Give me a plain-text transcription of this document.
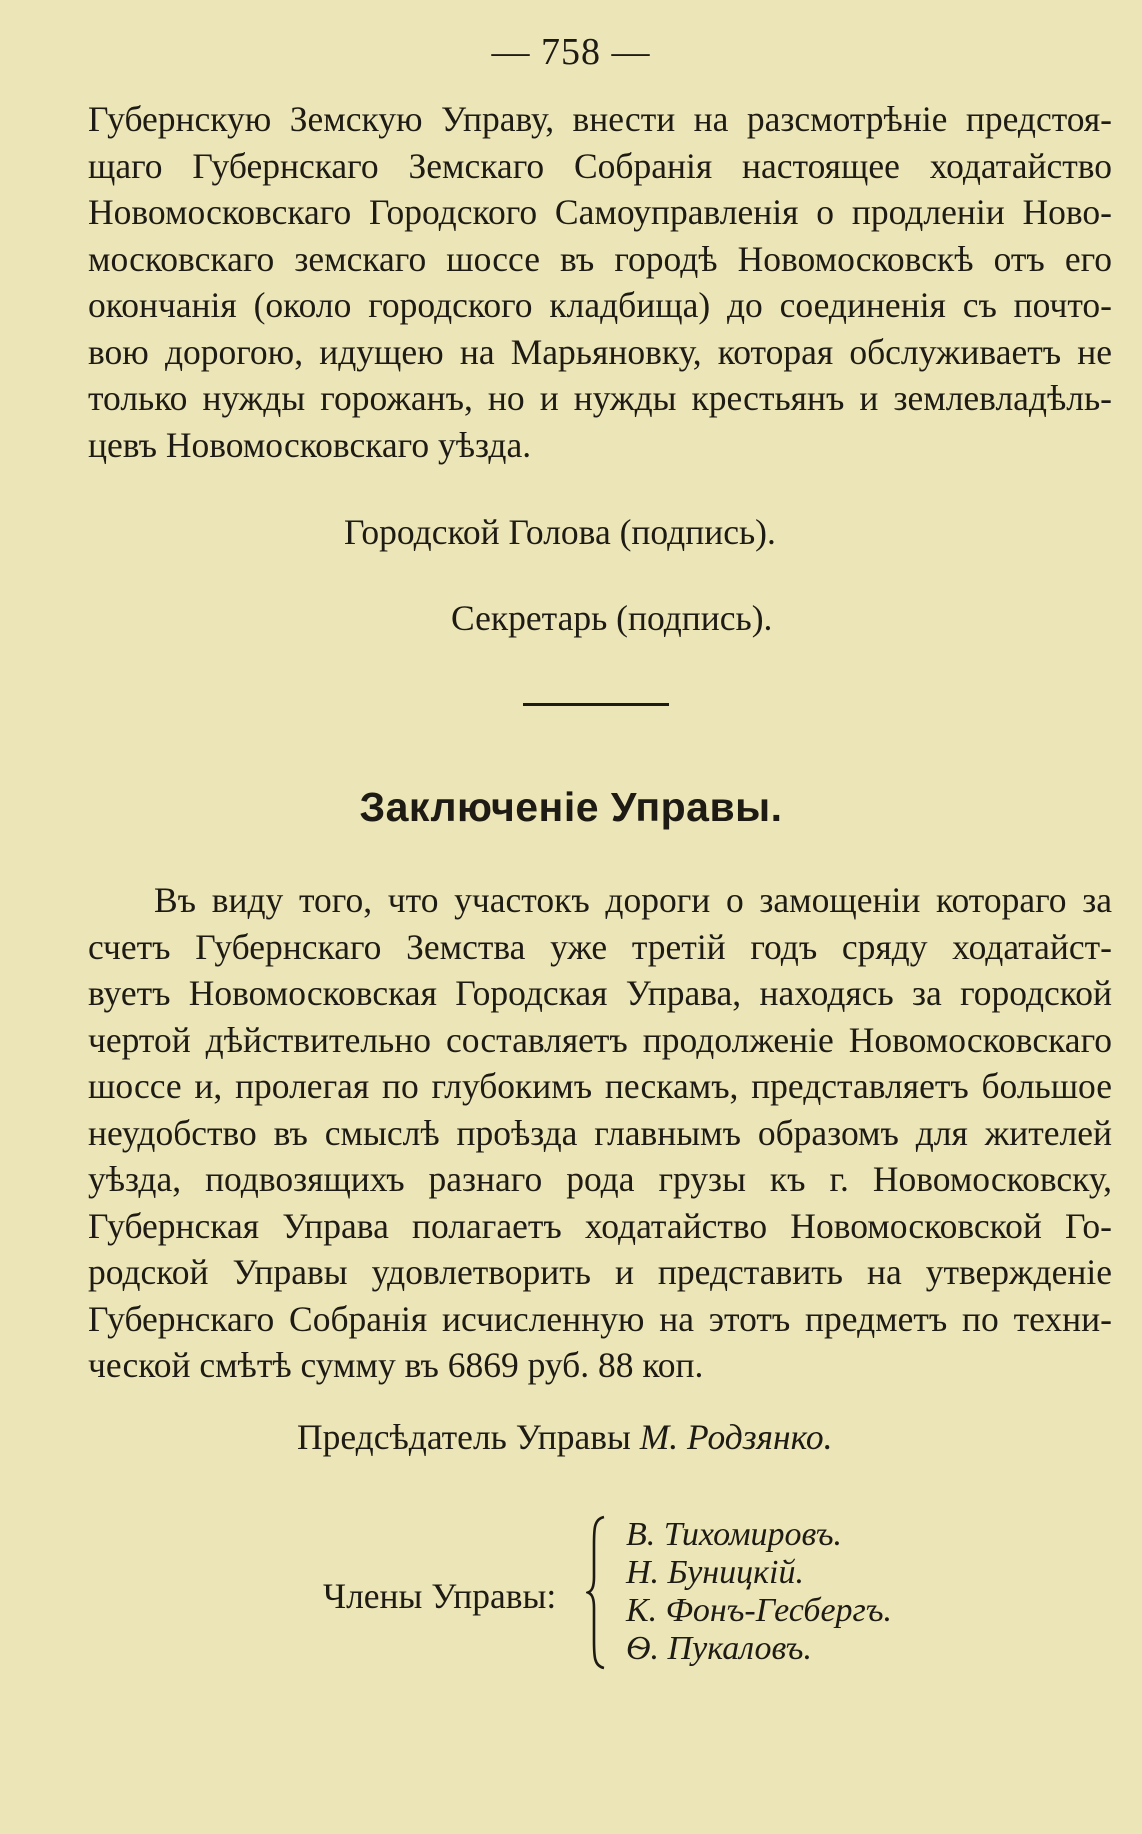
— 758 —
Губернскую Земскую Управу, внести на разсмотрѣніе предстоя-
щаго Губернскаго Земскаго Собранія настоящее ходатайство
Новомосковскаго Городского Самоуправленія о продленіи Ново-
московскаго земскаго шоссе въ городѣ Новомосковскѣ отъ его
окончанія (около городского кладбища) до соединенія съ почто-
вою дорогою, идущею на Марьяновку, которая обслуживаетъ не
только нужды горожанъ, но и нужды крестьянъ и землевладѣль-
цевъ Новомосковскаго уѣзда.
Городской Голова (подпись).
Секретарь (подпись).
Заключеніе Управы.
Въ виду того, что участокъ дороги о замощеніи котораго за
счетъ Губернскаго Земства уже третій годъ сряду ходатайст-
вуетъ Новомосковская Городская Управа, находясь за городской
чертой дѣйствительно составляетъ продолженіе Новомосковскаго
шоссе и, пролегая по глубокимъ пескамъ, представляетъ большое
неудобство въ смыслѣ проѣзда главнымъ образомъ для жителей
уѣзда, подвозящихъ разнаго рода грузы къ г. Новомосковску,
Губернская Управа полагаетъ ходатайство Новомосковской Го-
родской Управы удовлетворить и представить на утвержденіе
Губернскаго Собранія исчисленную на этотъ предметъ по техни-
ческой смѣтѣ сумму въ 6869 руб. 88 коп.
Предсѣдатель Управы М. Родзянко.
Члены Управы:
В. Тихомировъ.
Н. Буницкій.
К. Фонъ-Гесбергъ.
Ѳ. Пукаловъ.
